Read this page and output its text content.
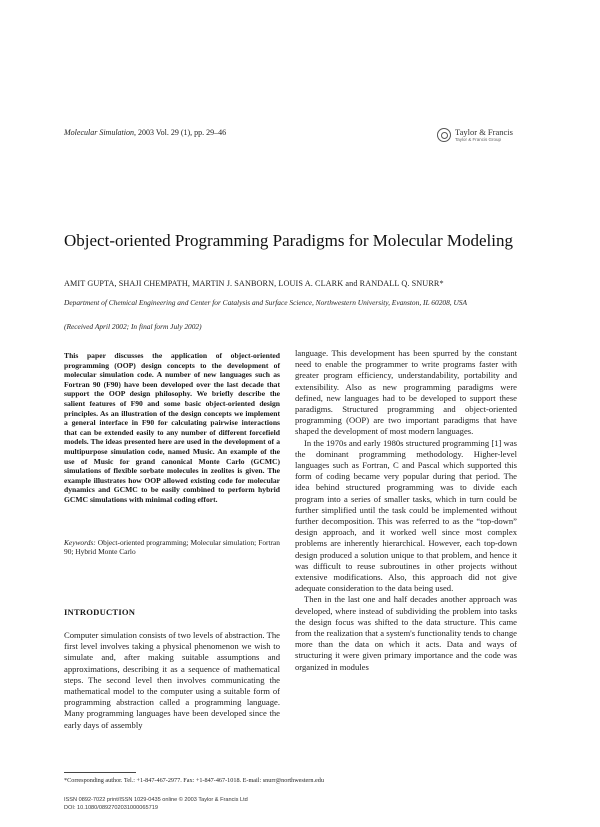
Molecular Simulation, 2003 Vol. 29 (1), pp. 29–46	Taylor & Francis
Taylor & Francis Group
Object-oriented Programming Paradigms for Molecular Modeling
AMIT GUPTA, SHAJI CHEMPATH, MARTIN J. SANBORN, LOUIS A. CLARK and RANDALL Q. SNURR*
Department of Chemical Engineering and Center for Catalysis and Surface Science, Northwestern University, Evanston, IL 60208, USA
(Received April 2002; In final form July 2002)
This paper discusses the application of object-oriented programming (OOP) design concepts to the development of molecular simulation code. A number of new languages such as Fortran 90 (F90) have been developed over the last decade that support the OOP design philosophy. We briefly describe the salient features of F90 and some basic object-oriented design principles. As an illustration of the design concepts we implement a general interface in F90 for calculating pairwise interactions that can be extended easily to any number of different forcefield models. The ideas presented here are used in the development of a multipurpose simulation code, named Music. An example of the use of Music for grand canonical Monte Carlo (GCMC) simulations of flexible sorbate molecules in zeolites is given. The example illustrates how OOP allowed existing code for molecular dynamics and GCMC to be easily combined to perform hybrid GCMC simulations with minimal coding effort.
Keywords: Object-oriented programming; Molecular simulation; Fortran 90; Hybrid Monte Carlo
INTRODUCTION

Computer simulation consists of two levels of abstraction. The first level involves taking a physical phenomenon we wish to simulate and, after making suitable assumptions and approximations, describing it as a sequence of mathematical steps. The second level then involves communicating the mathematical model to the computer using a suitable form of programming abstraction called a programming language. Many programming languages have been developed since the early days of assembly

language. This development has been spurred by the constant need to enable the programmer to write programs faster with greater program efficiency, understandability, portability and extensibility. Also as new programming paradigms were defined, new languages had to be developed to support these paradigms. Structured programming and object-oriented programming (OOP) are two important paradigms that have shaped the development of most modern languages.

In the 1970s and early 1980s structured programming [1] was the dominant programming methodology. Higher-level languages such as Fortran, C and Pascal which supported this form of coding became very popular during that period. The idea behind structured programming was to divide each program into a series of smaller tasks, which in turn could be further simplified until the task could be implemented without further decomposition. This was referred to as the “top-down” design approach, and it worked well since most complex problems are inherently hierarchical. However, each top-down design produced a solution unique to that problem, and hence it was difficult to reuse subroutines in other projects without extensive modifications. Also, this approach did not give adequate consideration to the data being used.

Then in the last one and half decades another approach was developed, where instead of subdividing the problem into tasks the design focus was shifted to the data structure. This came from the realization that a system's functionality tends to change more than the data on which it acts. Data and ways of structuring it were given primary importance and the code was organized in modules

*Corresponding author. Tel.: +1-847-467-2977. Fax: +1-847-467-1018. E-mail: snurr@northwestern.edu
ISSN 0892-7022 print/ISSN 1029-0435 online © 2003 Taylor & Francis Ltd
DOI: 10.1080/0892702031000065719
